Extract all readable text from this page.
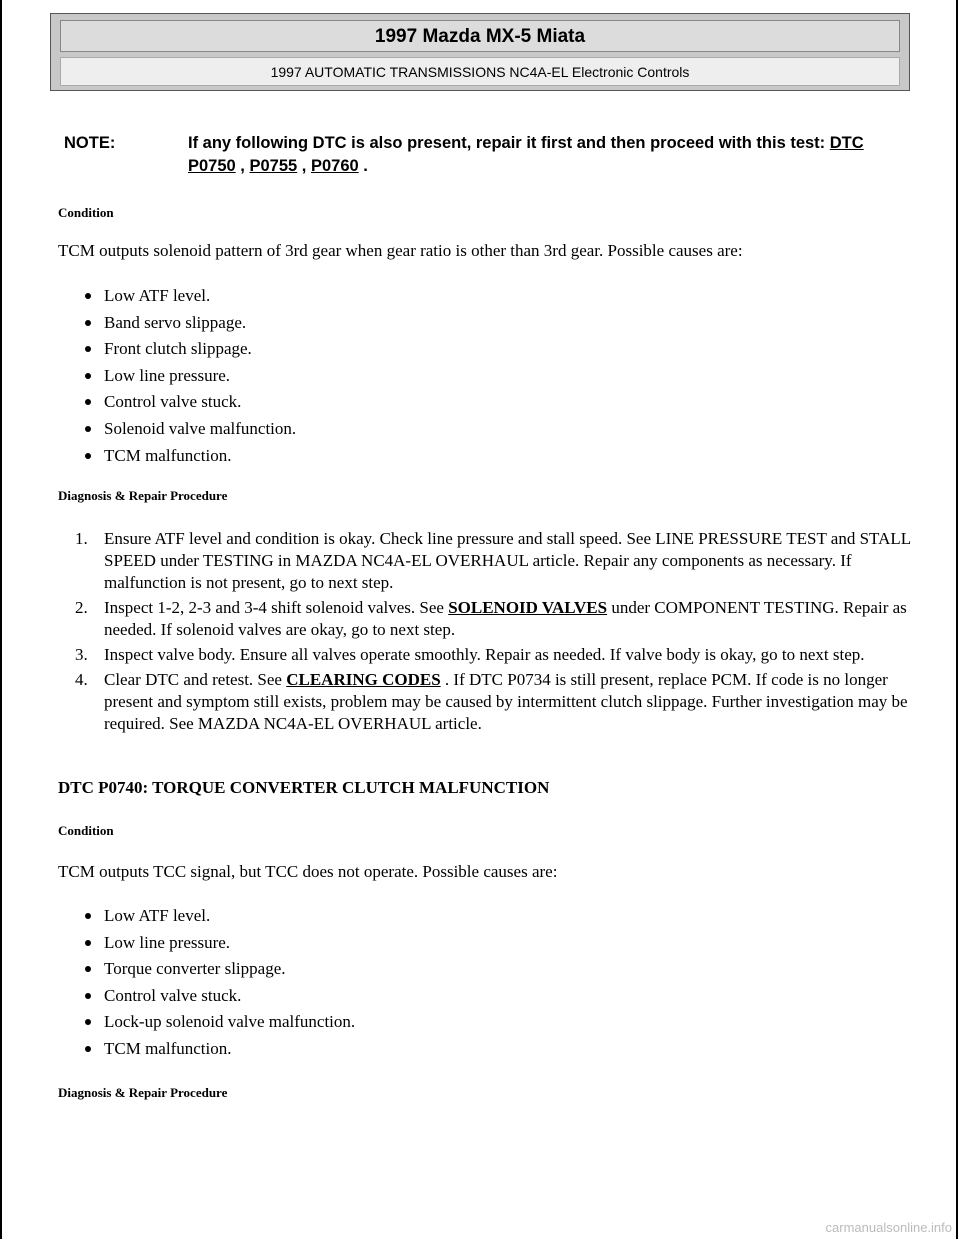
1997 Mazda MX-5 Miata
1997 AUTOMATIC TRANSMISSIONS NC4A-EL Electronic Controls
NOTE:	If any following DTC is also present, repair it first and then proceed with this test: DTC P0750 , P0755 , P0760 .
Condition
TCM outputs solenoid pattern of 3rd gear when gear ratio is other than 3rd gear. Possible causes are:
Low ATF level.
Band servo slippage.
Front clutch slippage.
Low line pressure.
Control valve stuck.
Solenoid valve malfunction.
TCM malfunction.
Diagnosis & Repair Procedure
1. Ensure ATF level and condition is okay. Check line pressure and stall speed. See LINE PRESSURE TEST and STALL SPEED under TESTING in MAZDA NC4A-EL OVERHAUL article. Repair any components as necessary. If malfunction is not present, go to next step.
2. Inspect 1-2, 2-3 and 3-4 shift solenoid valves. See SOLENOID VALVES under COMPONENT TESTING. Repair as needed. If solenoid valves are okay, go to next step.
3. Inspect valve body. Ensure all valves operate smoothly. Repair as needed. If valve body is okay, go to next step.
4. Clear DTC and retest. See CLEARING CODES . If DTC P0734 is still present, replace PCM. If code is no longer present and symptom still exists, problem may be caused by intermittent clutch slippage. Further investigation may be required. See MAZDA NC4A-EL OVERHAUL article.
DTC P0740: TORQUE CONVERTER CLUTCH MALFUNCTION
Condition
TCM outputs TCC signal, but TCC does not operate. Possible causes are:
Low ATF level.
Low line pressure.
Torque converter slippage.
Control valve stuck.
Lock-up solenoid valve malfunction.
TCM malfunction.
Diagnosis & Repair Procedure
carmanualsonline.info
